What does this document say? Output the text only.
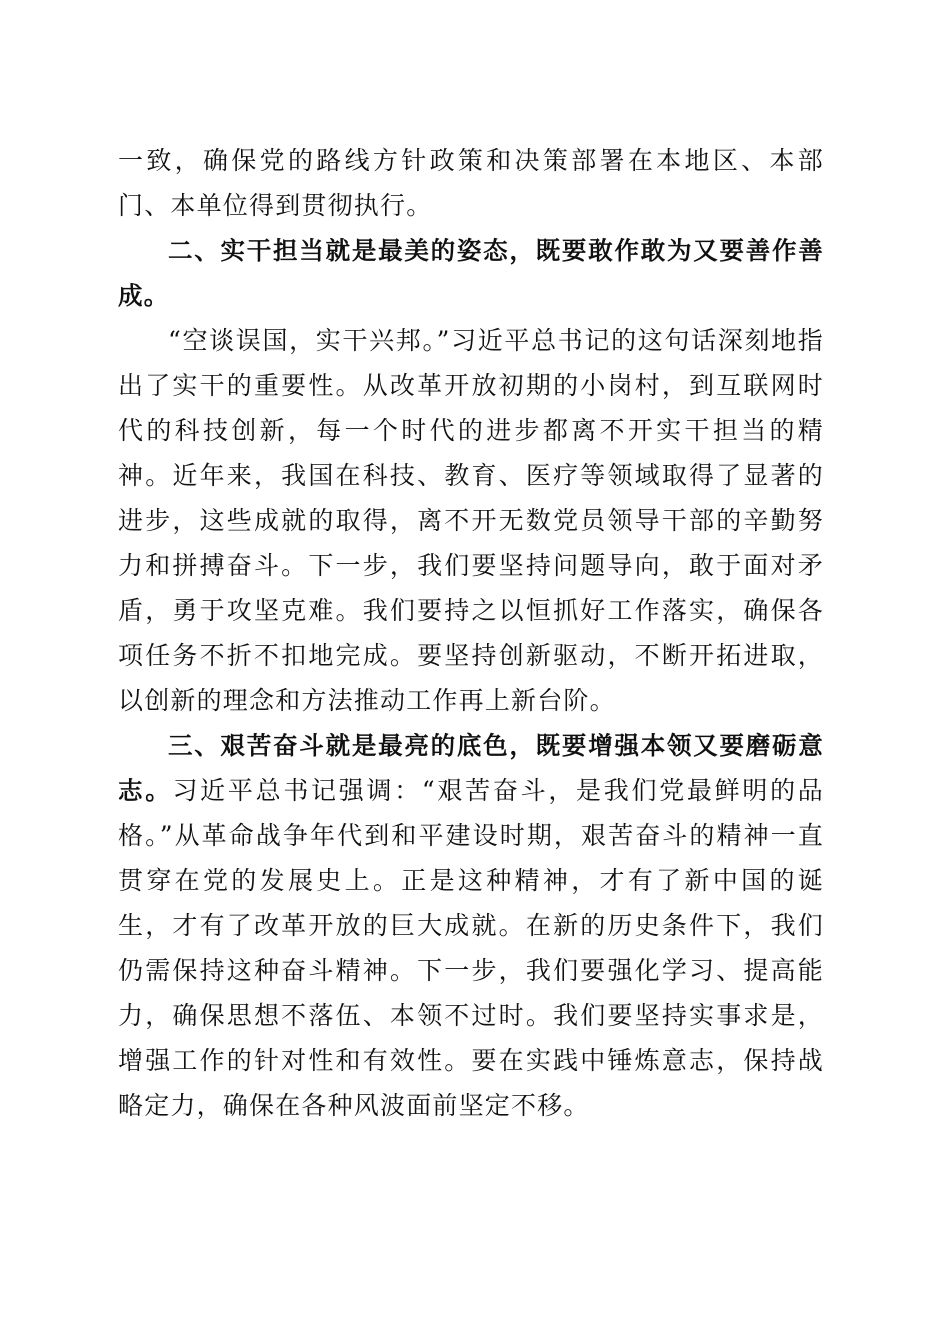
一致，确保党的路线方针政策和决策部署在本地区、本部门、本单位得到贯彻执行。

二、实干担当就是最美的姿态，既要敢作敢为又要善作善成。

“空谈误国，实干兴邦。”习近平总书记的这句话深刻地指出了实干的重要性。从改革开放初期的小岗村，到互联网时代的科技创新，每一个时代的进步都离不开实干担当的精神。近年来，我国在科技、教育、医疗等领域取得了显著的进步，这些成就的取得，离不开无数党员领导干部的辛勤努力和拼搏奋斗。下一步，我们要坚持问题导向，敢于面对矛盾，勇于攻坚克难。我们要持之以恒抓好工作落实，确保各项任务不折不扣地完成。要坚持创新驱动，不断开拓进取，以创新的理念和方法推动工作再上新台阶。

三、艰苦奋斗就是最亮的底色，既要增强本领又要磨砺意志。习近平总书记强调：“艰苦奋斗，是我们党最鲜明的品格。”从革命战争年代到和平建设时期，艰苦奋斗的精神一直贯穿在党的发展史上。正是这种精神，才有了新中国的诞生，才有了改革开放的巨大成就。在新的历史条件下，我们仍需保持这种奋斗精神。下一步，我们要强化学习、提高能力，确保思想不落伍、本领不过时。我们要坚持实事求是，增强工作的针对性和有效性。要在实践中锤炼意志，保持战略定力，确保在各种风波面前坚定不移。
